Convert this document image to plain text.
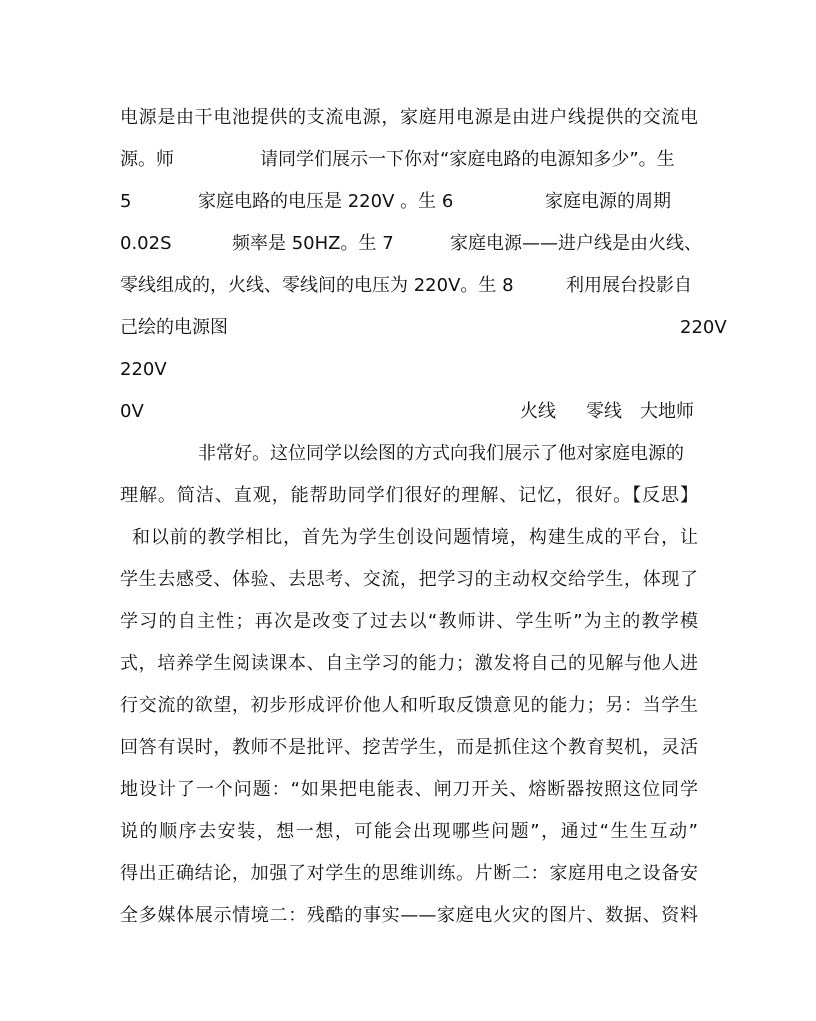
电源是由干电池提供的支流电源，家庭用电源是由进户线提供的交流电
源。师	请同学们展示一下你对“家庭电路的电源知多少”。生
5	家庭电路的电压是 220V 。生 6	家庭电源的周期
0.02S	频率是 50HZ。生 7	家庭电源——进户线是由火线、
零线组成的，火线、零线间的电压为 220V。生 8	利用展台投影自
己绘的电源图	220V
220V
0V	火线 零线 大地师
非常好。这位同学以绘图的方式向我们展示了他对家庭电源的
理解。简洁、直观，能帮助同学们很好的理解、记忆，很好。【反思】
和以前的教学相比，首先为学生创设问题情境，构建生成的平台，让
学生去感受、体验、去思考、交流，把学习的主动权交给学生，体现了
学习的自主性；再次是改变了过去以“教师讲、学生听”为主的教学模
式，培养学生阅读课本、自主学习的能力；激发将自己的见解与他人进
行交流的欲望，初步形成评价他人和听取反馈意见的能力；另：当学生
回答有误时，教师不是批评、挖苦学生，而是抓住这个教育契机，灵活
地设计了一个问题：“如果把电能表、闸刀开关、熔断器按照这位同学
说的顺序去安装，想一想，可能会出现哪些问题”，通过“生生互动”
得出正确结论，加强了对学生的思维训练。片断二：家庭用电之设备安
全多媒体展示情境二：残酷的事实——家庭电火灾的图片、数据、资料
